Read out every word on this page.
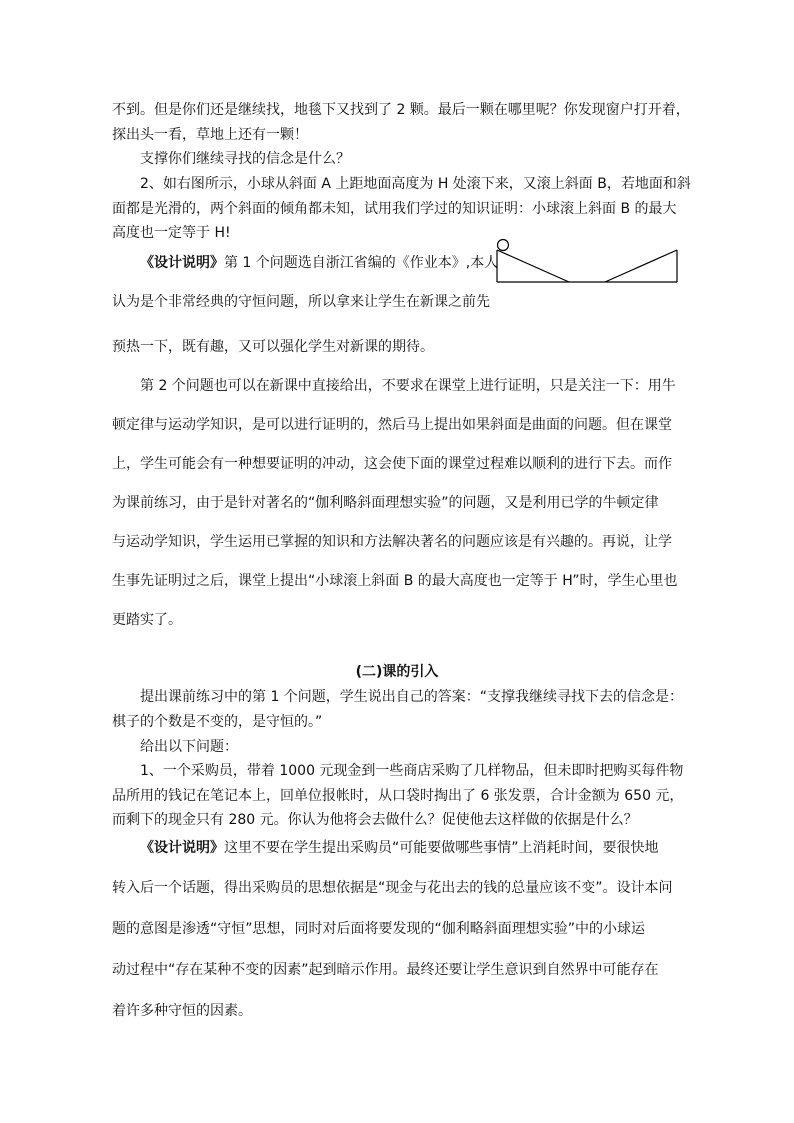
不到。但是你们还是继续找，地毯下又找到了 2 颗。最后一颗在哪里呢？你发现窗户打开着，

探出头一看，草地上还有一颗！

支撑你们继续寻找的信念是什么？

2、如右图所示，小球从斜面 A 上距地面高度为 H 处滚下来，又滚上斜面 B，若地面和斜

面都是光滑的，两个斜面的倾角都未知，试用我们学过的知识证明：小球滚上斜面 B 的最大

高度也一定等于 H!

《设计说明》第 1 个问题选自浙江省编的《作业本》,本人

认为是个非常经典的守恒问题，所以拿来让学生在新课之前先

预热一下，既有趣，又可以强化学生对新课的期待。

第 2 个问题也可以在新课中直接给出，不要求在课堂上进行证明，只是关注一下：用牛

顿定律与运动学知识，是可以进行证明的，然后马上提出如果斜面是曲面的问题。但在课堂

上，学生可能会有一种想要证明的冲动，这会使下面的课堂过程难以顺利的进行下去。而作

为课前练习，由于是针对著名的“伽利略斜面理想实验”的问题，又是利用已学的牛顿定律

与运动学知识，学生运用已掌握的知识和方法解决著名的问题应该是有兴趣的。再说，让学

生事先证明过之后，课堂上提出“小球滚上斜面 B 的最大高度也一定等于 H”时，学生心里也

更踏实了。

(二)课的引入

提出课前练习中的第 1 个问题，学生说出自己的答案：“支撑我继续寻找下去的信念是：

棋子的个数是不变的，是守恒的。”

给出以下问题：

1、一个采购员，带着 1000 元现金到一些商店采购了几样物品，但未即时把购买每件物

品所用的钱记在笔记本上，回单位报帐时，从口袋时掏出了 6 张发票，合计金额为 650 元，

而剩下的现金只有 280 元。你认为他将会去做什么？促使他去这样做的依据是什么？

《设计说明》这里不要在学生提出采购员“可能要做哪些事情”上消耗时间，要很快地

转入后一个话题，得出采购员的思想依据是“现金与花出去的钱的总量应该不变”。设计本问

题的意图是渗透“守恒”思想，同时对后面将要发现的“伽利略斜面理想实验”中的小球运

动过程中“存在某种不变的因素”起到暗示作用。最终还要让学生意识到自然界中可能存在

着许多种守恒的因素。
